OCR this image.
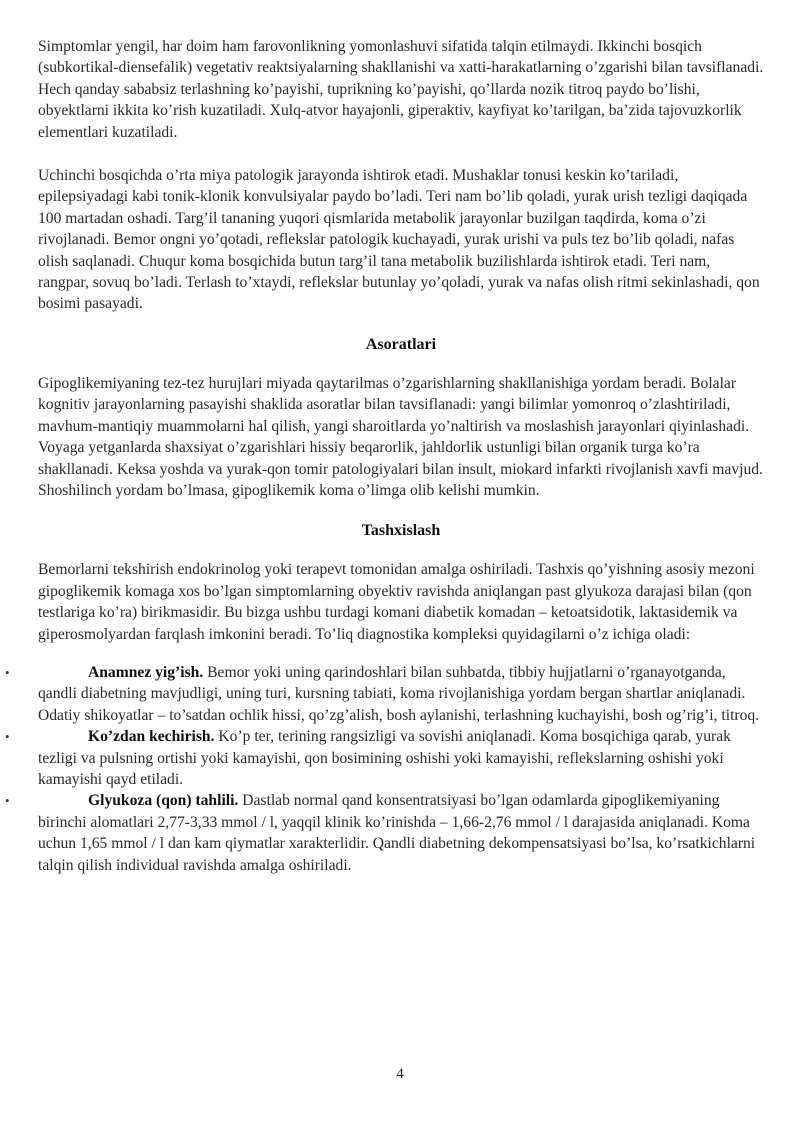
Simptomlar yengil, har doim ham farovonlikning yomonlashuvi sifatida talqin etilmaydi. Ikkinchi bosqich (subkortikal-diensefalik) vegetativ reaktsiyalarning shakllanishi va xatti-harakatlarning o’zgarishi bilan tavsiflanadi. Hech qanday sababsiz terlashning ko’payishi, tuprikning ko’payishi, qo’llarda nozik titroq paydo bo’lishi, obyektlarni ikkita ko’rish kuzatiladi. Xulq-atvor hayajonli, giperaktiv, kayfiyat ko’tarilgan, ba’zida tajovuzkorlik elementlari kuzatiladi.

Uchinchi bosqichda o’rta miya patologik jarayonda ishtirok etadi. Mushaklar tonusi keskin ko’tariladi, epilepsiyadagi kabi tonik-klonik konvulsiyalar paydo bo’ladi. Teri nam bo’lib qoladi, yurak urish tezligi daqiqada 100 martadan oshadi. Targ’il tananing yuqori qismlarida metabolik jarayonlar buzilgan taqdirda, koma o’zi rivojlanadi. Bemor ongni yo’qotadi, reflekslar patologik kuchayadi, yurak urishi va puls tez bo’lib qoladi, nafas olish saqlanadi. Chuqur koma bosqichida butun targ’il tana metabolik buzilishlarda ishtirok etadi. Teri nam, rangpar, sovuq bo’ladi. Terlash to’xtaydi, reflekslar butunlay yo’qoladi, yurak va nafas olish ritmi sekinlashadi, qon bosimi pasayadi.

Asoratlari

Gipoglikemiyaning tez-tez hurujlari miyada qaytarilmas o’zgarishlarning shakllanishiga yordam beradi. Bolalar kognitiv jarayonlarning pasayishi shaklida asoratlar bilan tavsiflanadi: yangi bilimlar yomonroq o’zlashtiriladi, mavhum-mantiqiy muammolarni hal qilish, yangi sharoitlarda yo’naltirish va moslashish jarayonlari qiyinlashadi. Voyaga yetganlarda shaxsiyat o’zgarishlari hissiy beqarorlik, jahldorlik ustunligi bilan organik turga ko’ra shakllanadi. Keksa yoshda va yurak-qon tomir patologiyalari bilan insult, miokard infarkti rivojlanish xavfi mavjud. Shoshilinch yordam bo’lmasa, gipoglikemik koma o’limga olib kelishi mumkin.

Tashxislash

Bemorlarni tekshirish endokrinolog yoki terapevt tomonidan amalga oshiriladi. Tashxis qo’yishning asosiy mezoni gipoglikemik komaga xos bo’lgan simptomlarning obyektiv ravishda aniqlangan past glyukoza darajasi bilan (qon testlariga ko’ra) birikmasidir. Bu bizga ushbu turdagi komani diabetik komadan – ketoatsidotik, laktasidemik va giperosmolyardan farqlash imkonini beradi. To’liq diagnostika kompleksi quyidagilarni o’z ichiga oladi:

•	Anamnez yig’ish. Bemor yoki uning qarindoshlari bilan suhbatda, tibbiy hujjatlarni o’rganayotganda, qandli diabetning mavjudligi, uning turi, kursning tabiati, koma rivojlanishiga yordam bergan shartlar aniqlanadi. Odatiy shikoyatlar – to’satdan ochlik hissi, qo’zg’alish, bosh aylanishi, terlashning kuchayishi, bosh og’rig’i, titroq.
•	Ko’zdan kechirish. Ko’p ter, terining rangsizligi va sovishi aniqlanadi. Koma bosqichiga qarab, yurak tezligi va pulsning ortishi yoki kamayishi, qon bosimining oshishi yoki kamayishi, reflekslarning oshishi yoki kamayishi qayd etiladi.
•	Glyukoza (qon) tahlili. Dastlab normal qand konsentratsiyasi bo’lgan odamlarda gipoglikemiyaning birinchi alomatlari 2,77-3,33 mmol / l, yaqqil klinik ko’rinishda – 1,66-2,76 mmol / l darajasida aniqlanadi. Koma uchun 1,65 mmol / l dan kam qiymatlar xarakterlidir. Qandli diabetning dekompensatsiyasi bo’lsa, ko’rsatkichlarni talqin qilish individual ravishda amalga oshiriladi.
4
